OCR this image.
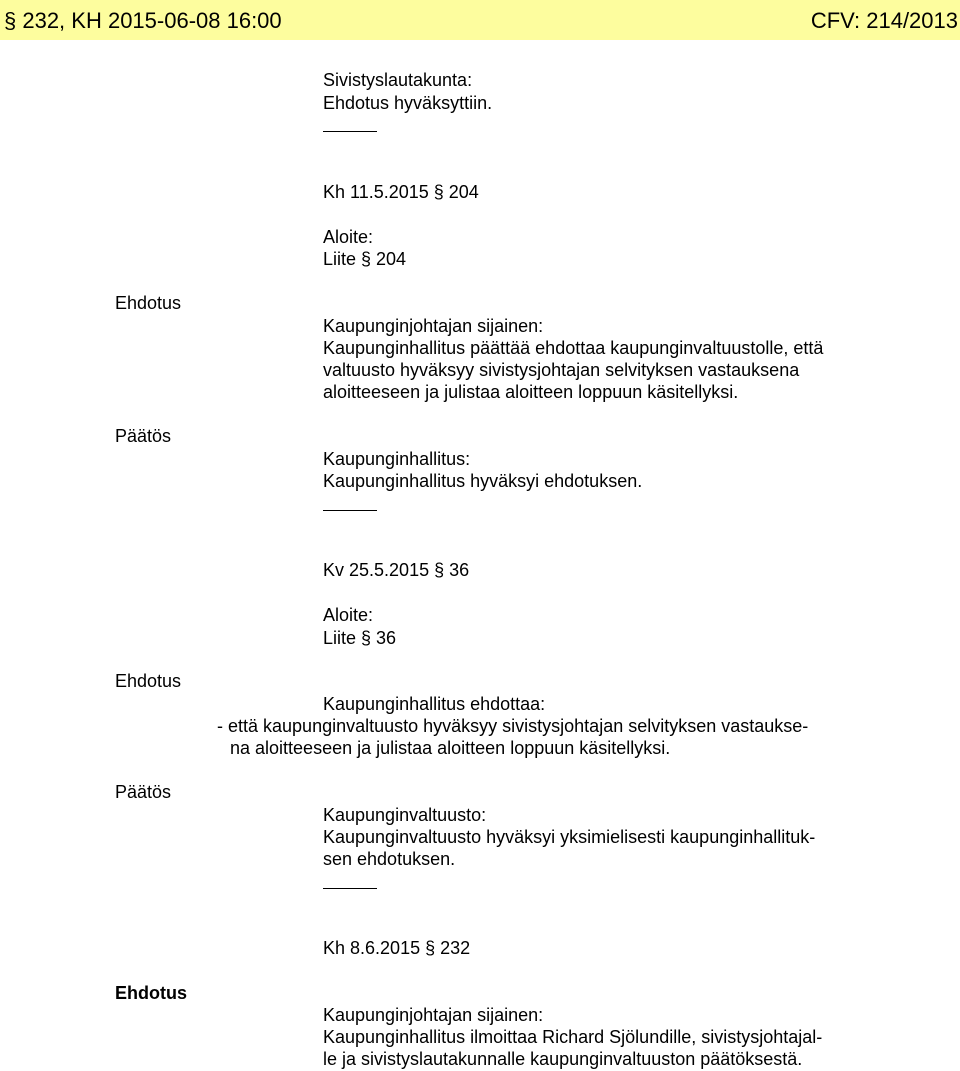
§ 232, KH 2015-06-08 16:00	CFV: 214/2013
Sivistyslautakunta:
Ehdotus hyväksyttiin.
Kh 11.5.2015 § 204
Aloite:
Liite § 204
Ehdotus
Kaupunginjohtajan sijainen:
Kaupunginhallitus päättää ehdottaa kaupunginvaltuustolle, että
valtuusto hyväksyy sivistysjohtajan selvityksen vastauksena
aloitteeseen ja julistaa aloitteen loppuun käsitellyksi.
Päätös
Kaupunginhallitus:
Kaupunginhallitus hyväksyi ehdotuksen.
Kv 25.5.2015 § 36
Aloite:
Liite § 36
Ehdotus
Kaupunginhallitus ehdottaa:
- että kaupunginvaltuusto hyväksyy sivistysjohtajan selvityksen vastaukse-
na aloitteeseen ja julistaa aloitteen loppuun käsitellyksi.
Päätös
Kaupunginvaltuusto:
Kaupunginvaltuusto hyväksyi yksimielisesti kaupunginhallituk-
sen ehdotuksen.
Kh 8.6.2015 § 232
Ehdotus
Kaupunginjohtajan sijainen:
Kaupunginhallitus ilmoittaa Richard Sjölundille, sivistysjohtajal-
le ja sivistyslautakunnalle kaupunginvaltuuston päätöksestä.
